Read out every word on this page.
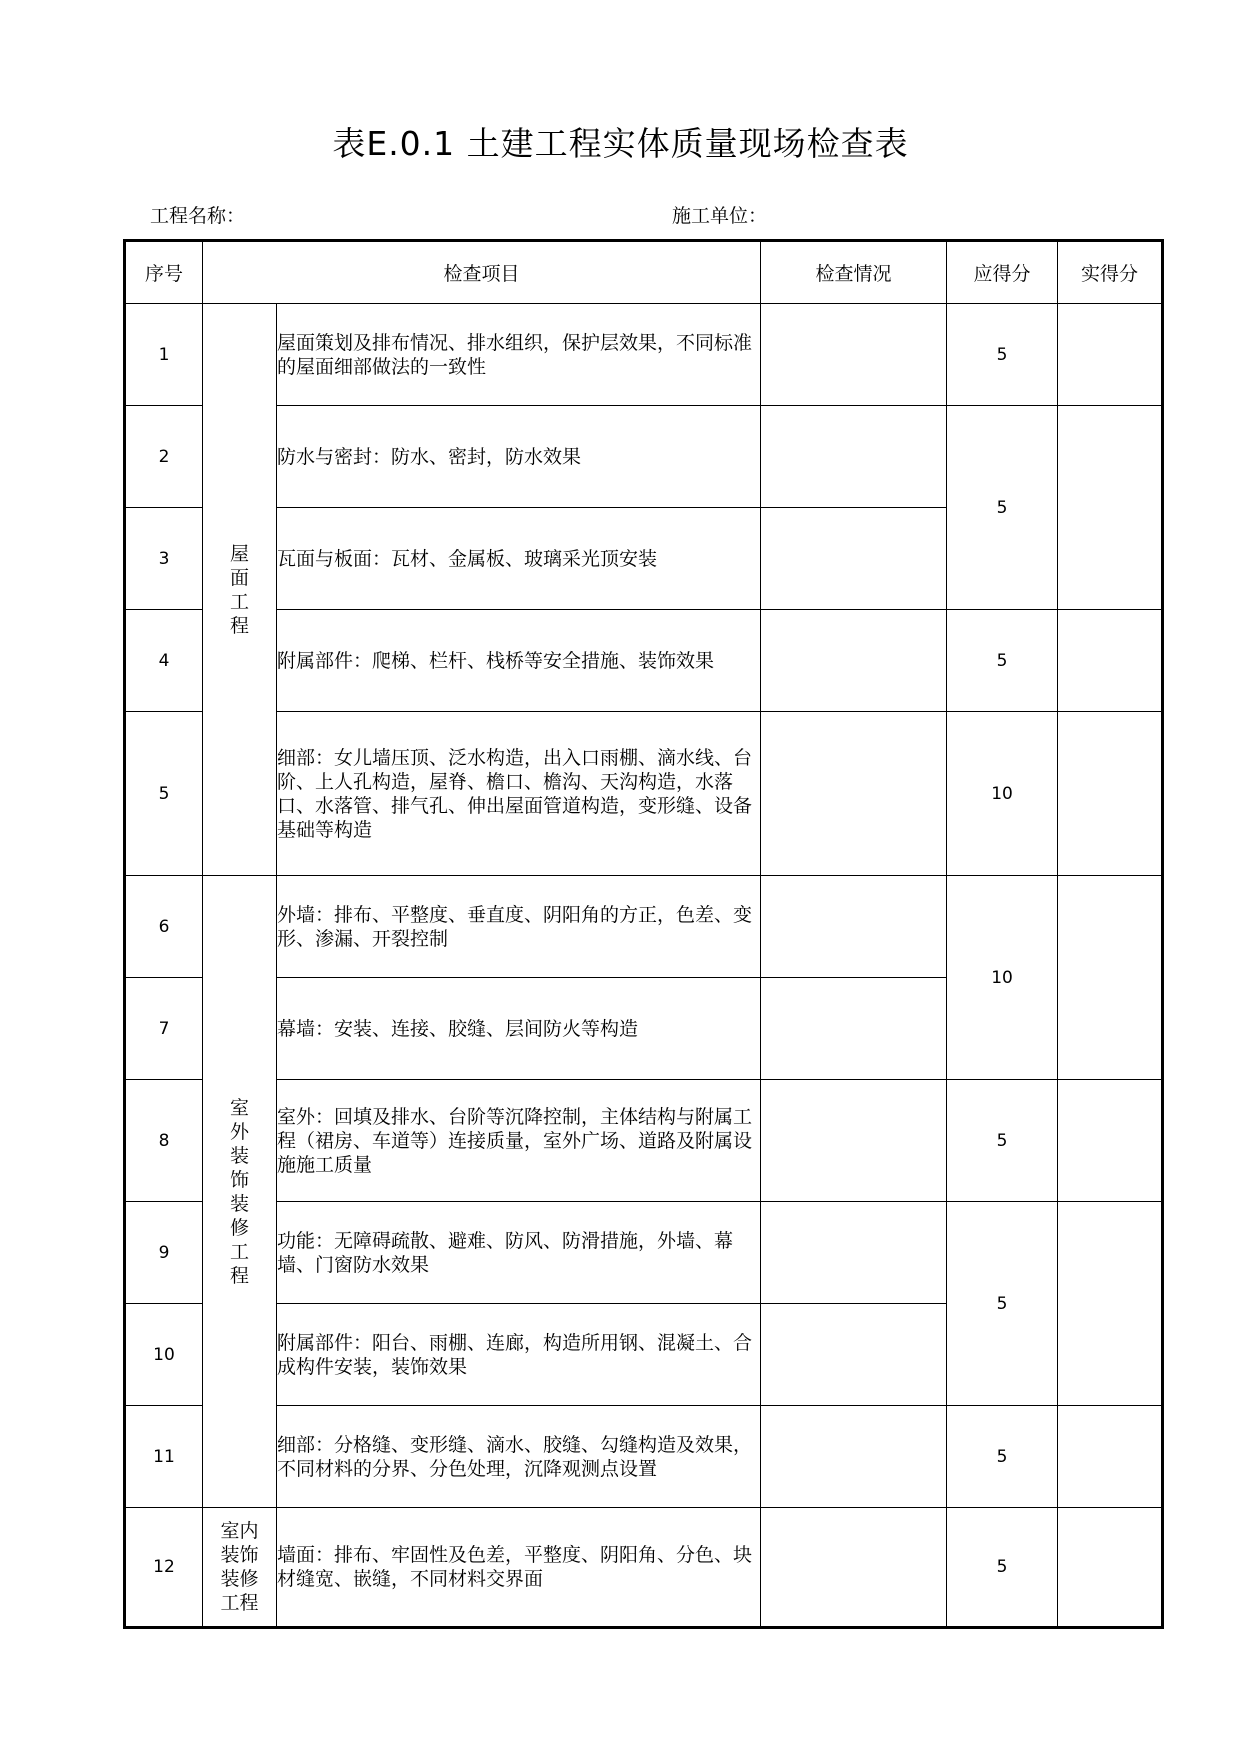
表E.0.1 土建工程实体质量现场检查表
工程名称：	施工单位：
序号	检查项目		检查情况	应得分	实得分
1	屋面工程	屋面策划及排布情况、排水组织，保护层效果，不同标准的屋面细部做法的一致性		5	
2		防水与密封：防水、密封，防水效果		5	
3		瓦面与板面：瓦材、金属板、玻璃采光顶安装			
4		附属部件：爬梯、栏杆、栈桥等安全措施、装饰效果		5	
5		细部：女儿墙压顶、泛水构造，出入口雨棚、滴水线、台阶、上人孔构造，屋脊、檐口、檐沟、天沟构造，水落口、水落管、排气孔、伸出屋面管道构造，变形缝、设备基础等构造		10	
6	室外装饰装修工程	外墙：排布、平整度、垂直度、阴阳角的方正，色差、变形、渗漏、开裂控制		10	
7		幕墙：安装、连接、胶缝、层间防火等构造			
8		室外：回填及排水、台阶等沉降控制，主体结构与附属工程（裙房、车道等）连接质量，室外广场、道路及附属设施施工质量		5	
9		功能：无障碍疏散、避难、防风、防滑措施，外墙、幕墙、门窗防水效果		5	
10		附属部件：阳台、雨棚、连廊，构造所用钢、混凝土、合成构件安装，装饰效果			
11		细部：分格缝、变形缝、滴水、胶缝、勾缝构造及效果，不同材料的分界、分色处理，沉降观测点设置		5	
12	室内装饰装修工程	墙面：排布、牢固性及色差，平整度、阴阳角、分色、块材缝宽、嵌缝，不同材料交界面		5	
